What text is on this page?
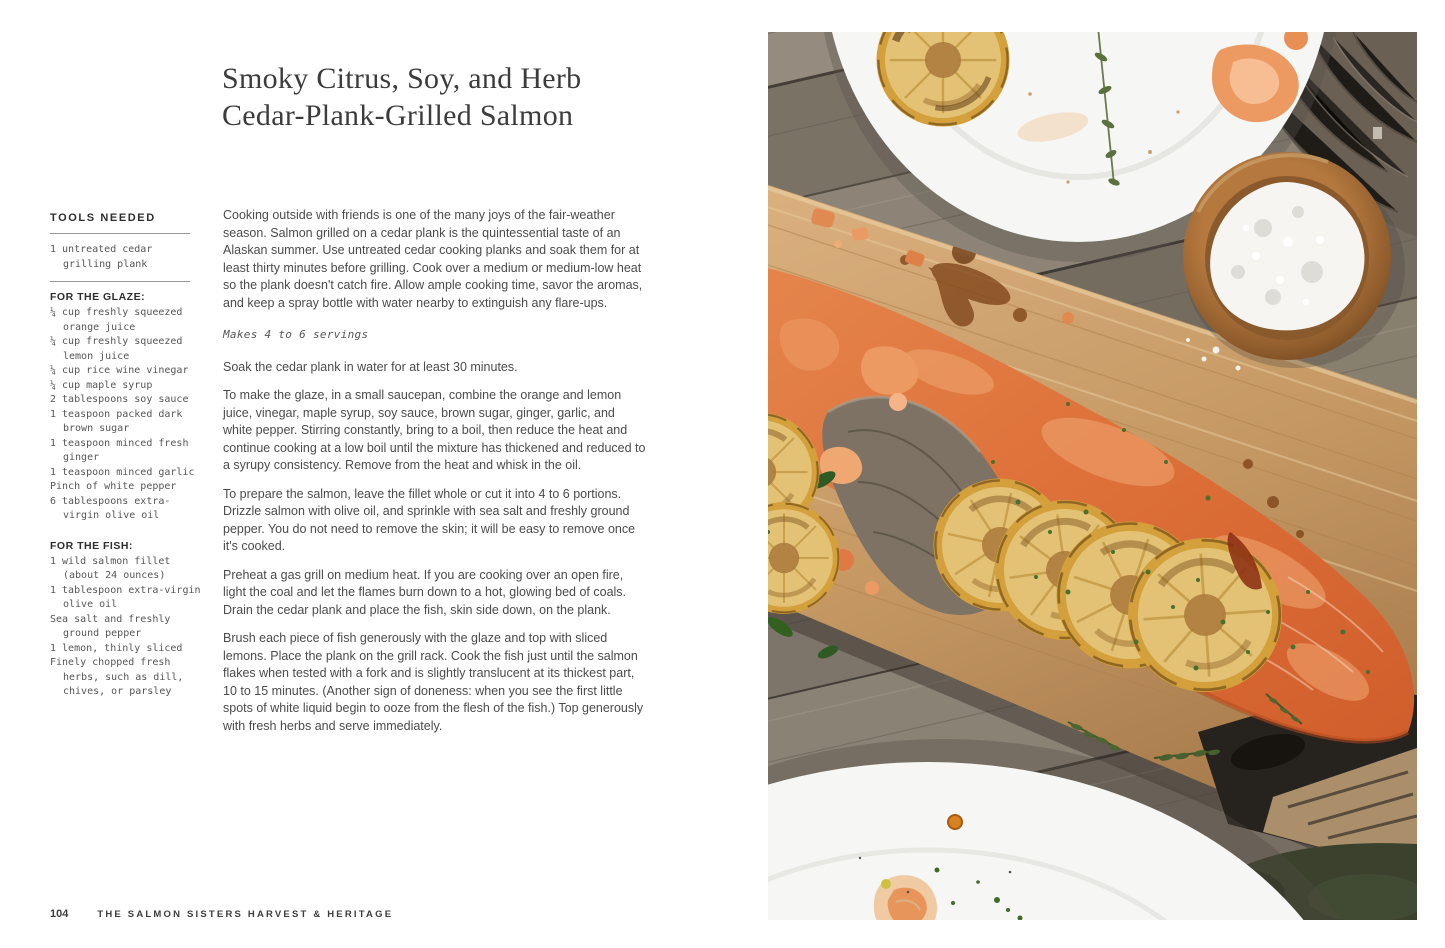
Smoky Citrus, Soy, and Herb
Cedar-Plank-Grilled Salmon
TOOLS NEEDED
1 untreated cedar grilling plank
FOR THE GLAZE:
¼ cup freshly squeezed orange juice
¼ cup freshly squeezed lemon juice
¼ cup rice wine vinegar
¼ cup maple syrup
2 tablespoons soy sauce
1 teaspoon packed dark brown sugar
1 teaspoon minced fresh ginger
1 teaspoon minced garlic
Pinch of white pepper
6 tablespoons extra-virgin olive oil
FOR THE FISH:
1 wild salmon fillet (about 24 ounces)
1 tablespoon extra-virgin olive oil
Sea salt and freshly ground pepper
1 lemon, thinly sliced
Finely chopped fresh herbs, such as dill, chives, or parsley

Cooking outside with friends is one of the many joys of the fair-weather season. Salmon grilled on a cedar plank is the quintessential taste of an Alaskan summer. Use untreated cedar cooking planks and soak them for at least thirty minutes before grilling. Cook over a medium or medium-low heat so the plank doesn't catch fire. Allow ample cooking time, savor the aromas, and keep a spray bottle with water nearby to extinguish any flare-ups.

Makes 4 to 6 servings

Soak the cedar plank in water for at least 30 minutes.

To make the glaze, in a small saucepan, combine the orange and lemon juice, vinegar, maple syrup, soy sauce, brown sugar, ginger, garlic, and white pepper. Stirring constantly, bring to a boil, then reduce the heat and continue cooking at a low boil until the mixture has thickened and reduced to a syrupy consistency. Remove from the heat and whisk in the oil.

To prepare the salmon, leave the fillet whole or cut it into 4 to 6 portions. Drizzle salmon with olive oil, and sprinkle with sea salt and freshly ground pepper. You do not need to remove the skin; it will be easy to remove once it's cooked.

Preheat a gas grill on medium heat. If you are cooking over an open fire, light the coal and let the flames burn down to a hot, glowing bed of coals. Drain the cedar plank and place the fish, skin side down, on the plank.

Brush each piece of fish generously with the glaze and top with sliced lemons. Place the plank on the grill rack. Cook the fish just until the salmon flakes when tested with a fork and is slightly translucent at its thickest part, 10 to 15 minutes. (Another sign of doneness: when you see the first little spots of white liquid begin to ooze from the flesh of the fish.) Top generously with fresh herbs and serve immediately.

104	THE SALMON SISTERS HARVEST & HERITAGE
